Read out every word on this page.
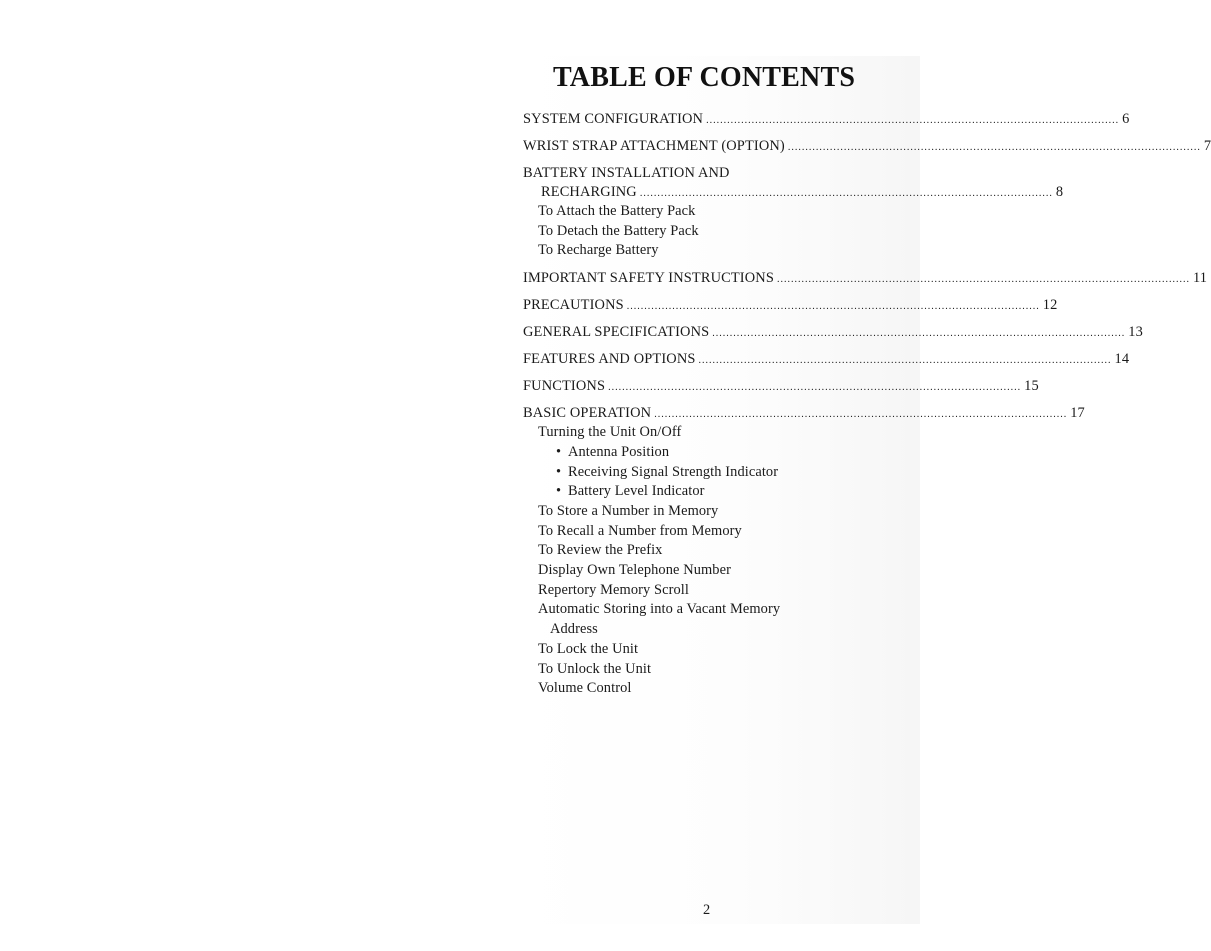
TABLE OF CONTENTS
SYSTEM CONFIGURATION ...................................................................................................................... 6
WRIST STRAP ATTACHMENT (OPTION) ...................................................................................................................... 7
BATTERY INSTALLATION AND
RECHARGING ...................................................................................................................... 8
To Attach the Battery Pack
To Detach the Battery Pack
To Recharge Battery
IMPORTANT SAFETY INSTRUCTIONS ...................................................................................................................... 11
PRECAUTIONS ...................................................................................................................... 12
GENERAL SPECIFICATIONS ...................................................................................................................... 13
FEATURES AND OPTIONS ...................................................................................................................... 14
FUNCTIONS ...................................................................................................................... 15
BASIC OPERATION ...................................................................................................................... 17
Turning the Unit On/Off
• Antenna Position
• Receiving Signal Strength Indicator
• Battery Level Indicator
To Store a Number in Memory
To Recall a Number from Memory
To Review the Prefix
Display Own Telephone Number
Repertory Memory Scroll
Automatic Storing into a Vacant Memory
Address
To Lock the Unit
To Unlock the Unit
Volume Control
2
